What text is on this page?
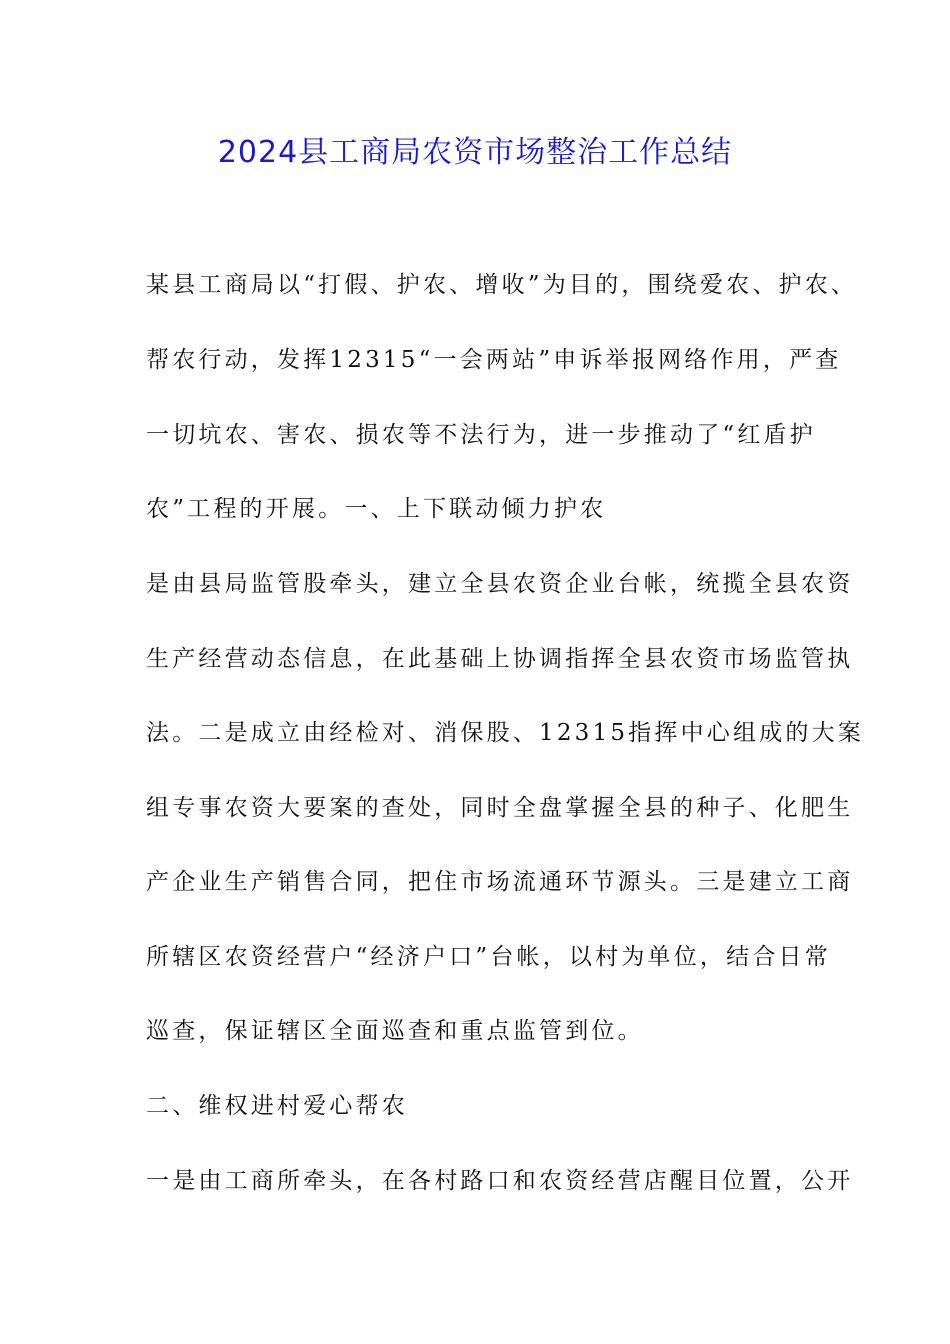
2024县工商局农资市场整治工作总结
某县工商局以“打假、护农、增收”为目的，围绕爱农、护农、
帮农行动，发挥12315“一会两站”申诉举报网络作用，严查
一切坑农、害农、损农等不法行为，进一步推动了“红盾护
农”工程的开展。一、上下联动倾力护农
是由县局监管股牵头，建立全县农资企业台帐，统揽全县农资
生产经营动态信息，在此基础上协调指挥全县农资市场监管执
法。二是成立由经检对、消保股、12315指挥中心组成的大案
组专事农资大要案的查处，同时全盘掌握全县的种子、化肥生
产企业生产销售合同，把住市场流通环节源头。三是建立工商
所辖区农资经营户“经济户口”台帐，以村为单位，结合日常
巡查，保证辖区全面巡查和重点监管到位。
二、维权进村爱心帮农
一是由工商所牵头，在各村路口和农资经营店醒目位置，公开
